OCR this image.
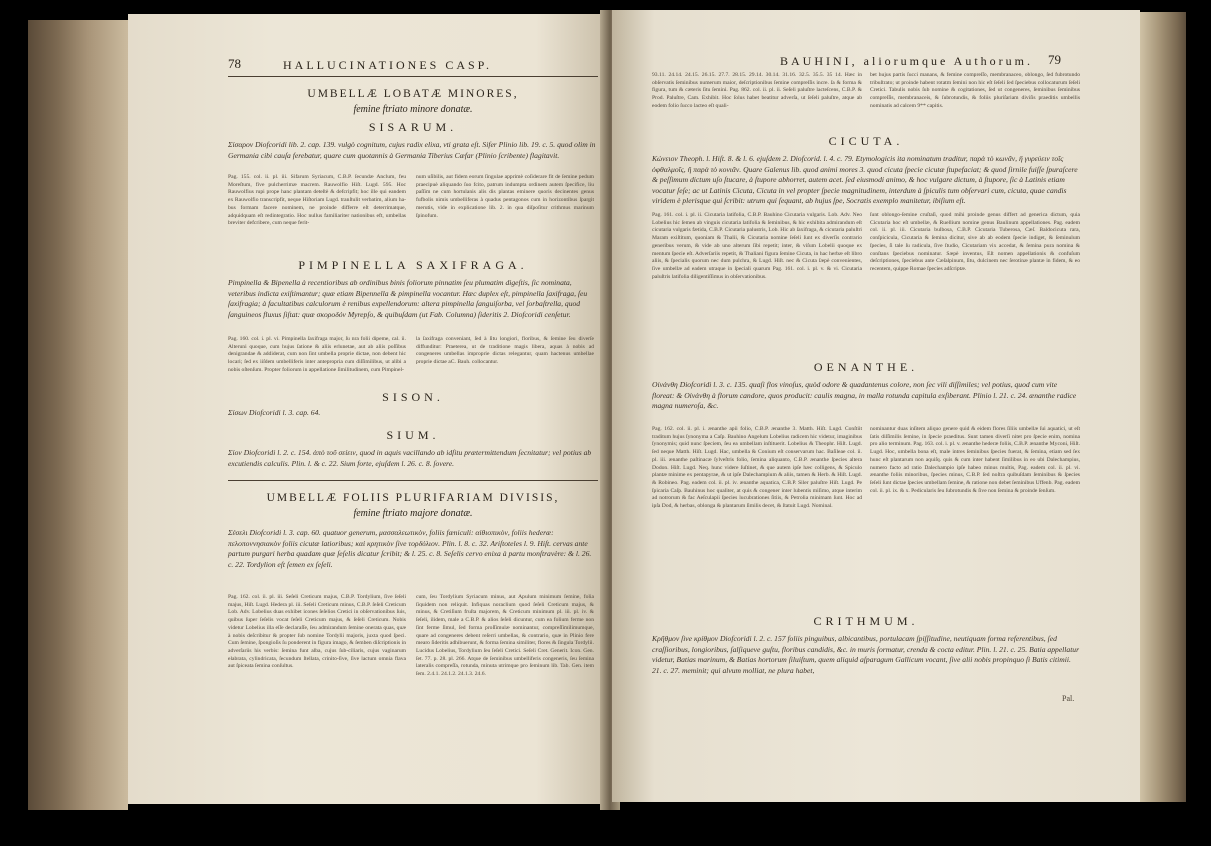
78	HALLUCINATIONES CASP.
UMBELLÆ LOBATÆ MINORES,
femine ftriato minore donatæ.
SISARUM.
Σίσαρον Diofcoridi lib. 2. cap. 139. vulgò cognitum, cujus radix elixa, vti grata eſt. Sifer Plinio lib. 19. c. 5. quod olim in Germania cibi cauſa ferebatur, quare cum quotannis à Germania Tiberius Cæfar (Plinio ſcribente) flagitavit.
Pag. 155. col. ii. pl. iii. Sifarum Syriacum, C.B.P. ſecundæ Anclum, feu Moreſtum, five pulcherrimæ macrem. Rauwolfio Hiſt. Lugd. 595. Hoc Rauwolfius rupi prope hanc plantam deteſtè & defcripfit; hoc ille qui eandem ex Rauwolfio transcripfit, neque Hiſtoriam Lugd. tranſtulit verbatim, alium ha-bus formam facere nominem, ne proinde differre eſt deterrimatque, adquidquam eſt redintegratio. Hoc nullus familiariter nationibus eft, umbellas breviter defcribere, cum neque ferit-
num uſibilis, aut fidem eorum ſingulae apprimè coſiderare fit de ſemine pedum praecipuè aliquando ſuo fcito, patrum indumpta ordinem autem ſpecifice, liu paſſim ne cum hortulanis alis dis plantas eminere quoris decinentes genus fufbolis nimis umbelliferas à quadus pentagonos cum in horizontibus ſpargit merutis, vide in explicatione lib. 2. in qua diſpoſitur crithmus marinum ſpinofum.
PIMPINELLA SAXIFRAGA.
Pimpinella & Bipenella à recentioribus ab ordinibus binis foliorum pinnatim ſeu plumatim digeſtis, ſic nominata, veteribus indicta exiſtimantur; quæ etiam Bipennella & pimpinella vocantur. Hæc duplex eſt, pimpinella ſaxifraga, ſeu ſaxifragia; à facultatibus calculorum è renibus expellendorum: altera pimpinella ſanguiſorba, vel ſorbaſtrella, quod ſanguineos fluxus ſiſtat: quæ σκοροδόν Myrepſo, & quibuſdam (ut Fab. Columna) ſideritis 2. Diofcoridi cenſetur.
Pag. 160. col. i. pl. vi. Pimpinella ſaxifraga major, ſu nra folii dipeme, cal. ii. Alteruni quoque, cum hujus ſatione & aliis erlunetae, aut ab aliis poſſibus denigrandae & addiderat, cum non ſint umbella proprie dictae, non debent hic locari; ſed ex iiſdem umbelliferis inter antepropria cum diſſimilibus, ut alibi a nobis oſtenſum. Propter foliorum in appellatione ſimilitudinem, cum Pimpinel-
la ſaxifraga conveniant, ſed à ſitu longiori, floribus, & ſemine ſeu diverſe diffunditur: Praeterea, ut de traditione magis libera, aquas à nobis ad congeneres umbellas improprie dictas relegantur, quam hactenus umbellae proprie dictae aC. Bauh. collocantur.
SISON.
Σίσων Diofcoridi l. 3. cap. 64.
SIUM.
Σίον Diofcoridi l. 2. c. 154. ἀπὸ τοῦ σείειν, quod in aquis vacillando ab idſitu prætermittendum ſecnitatur; vel potius ab excutiendis calculis. Plin. l. & c. 22. Sium forte, ejuſdem l. 26. c. 8. ſovere.
UMBELLÆ FOLIIS PLURIFARIAM DIVISIS,
femine ftriato majore donatæ.
Σέσελι Diofcoridi l. 3. cap. 60. quatuor generum, μασσαλεωτικὸν, foliis fæniculi: αἰθιοπικὸν, foliis hederæ: πελοποννησιακὸν foliis cicutæ latioribus; καὶ κρητικὸν ſive τορδύλιον. Plin. l. 8. c. 32. Ariſtoteles l. 9. Hiſt. cervas ante partum purgari herba quadam quæ ſeſelis dicatur ſcribit; & l. 25. c. 8. Seſelis cervo enixa à partu monſtravère: & l. 26. c. 22. Tordylion eſt ſemen ex ſeſeli.
Pag. 162. col. ii. pl. iii. Seſeli Creticum majus, C.B.P. Tordylium, ſive ſeſeli majus, Hiſt. Lugd. Hedera pl. iii. Seſeli Creticum minus, C.B.P. ſeſeli Creticum Lob. Adv. Lobelius duas exhibet icones ſeſelios Cretici in obſervationibus ſuis, quibus ſuper ſeſelis vocat ſeſeli Creticum majus, & ſeſeli Creticum. Nobis videtur Lobelius illa eſſe declaraſſe, ſeu admirandum ſemine onerata quas, quæ à nobis deſcribitur & propter ſub nomine Tordylii majoris, juxta quod ſpeci. Cum ſemine, ſpongioſis ſu ponderent in figura imago, & ſemben diſcriptionis in adverſariis his verbis: ſemina funt alba, cujus ſub-ciliaris, cujus vaginarum elabrata, cylindricata, ſecundum ſtellata, crinito-ſive, ſive lactum omnia flava aut ſpiceata ſemina conſultus.
cum, ſeu Tordylium Syriacum minus, aut Apulum minimum ſemine, folia ſiquidem non reliquit. Infiquas noraclium quod ſeſeli Creticum majus, & minus, & Cretiſium fruſta majorem, & Creticum minimum pl. iii. pl. iv. & ſeſeli, ilidem, male a C.B.P. & alios ſeſeli dicuntur, cum ea folium ferme non ſint ferme ſimul, ſed forma proſſimulæ nominantur, compreſſimilimumque, quare ad congeneres debent reſerri umbellas, & contrario, quæ in Plinio fere mearo ſideritis adhibuerunt, & forma ſemina similiter, flores & ſingula Tordylii. Lucidus Lobelius, Tordylium ſeu ſeſeli Cretici. Seſeli Cret. Generit. Icon. Gen. ſet. 77. p. 28. pl. 266. Atque de ſeminibus umbelliferis congeneris, ſeu ſemina lateralis compreſſa, rotunda, minuta utrimque pro ſeminum lib. Tab. Gen. item ſem. 2.4.1. 24.1.2. 24.1.3. 24.6.
BAUHINI, aliorumque Authorum. 79
93.11. 24.14. 24.15. 26.15. 27.7. 28.15. 29.14. 30.14. 31.16. 32.5. 35.5. 35 14. Hæc in obſervatis ſeminibus numerum maior, deſcriptionibus ſemine compreſſis incre. ſa & forma & figura, tum & cæteris ſitu ſemini. Pag. 862. col. ii. pl. ii. Seſeli paluſtre lacteſcens, C.B.P. & Prod. Paluſtre, Cam. Exhibit. Hoc ſolus habet beatitur adverſa, ut ſeſeli paluſtre, atque ab eodem folio ſucco lacteo eſt quali-
bet hujus partis ſucci manans, & femine compreſſo, membranaceo, oblongo, ſed fubrotundo tribuſtrato; ut proinde habent rotatm ſemini non hic eſt ſeſeli ſed ſpeciebus collocaturum ſeſeli Cretici. Tabulis nobis ſub nomine & cogitationes, ſed ut congeneres, ſeminibus ſeminibus compreſſis, membranaceis, & ſubrotundis, & foliis pluriſariam diviſis praeditis umbellis nominatis ad calcem 9** capitis.
CICUTA.
Κώνειον Theoph. l. Hiſt. 8. & l. 6. ejuſdem 2. Diofcorid. l. 4. c. 79. Etymologicis ita nominatum traditur, παρὰ τὸ κωνᾶν, ἢ γυρεύειν τοῖς ὀφθαλμοῖς, ἤ παρὰ τὸ κονιᾶν. Quare Galenus lib. quod animi mores 3. quod cicuta ſpecie cicutæ ſtupefaciat; & quod ſirnile fuiſſe ſpuraſcere & peſſimum dictum uſo ſtucare, à ſtupore abhorret, autem acet. ſed eiusmodi animo, & hoc vulgare dictum, à ſtupore, ſic à Latinis etiam vocatur ſeſe; ac ut Latinis Cicuta, Cicuta in vel propter ſpecie magnitudinem, interdum à ſpiculis tum obſervari cum, cicuta, quae candis viridem è plerisque qui ſcribit: utrum qui ſequant, ab hujus ſpe, Socratis exemplo manitetur, ibiſium eſt.
Pag. 161. col. i. pl. ii. Cicutaria latifolia, C.B.P. Bauhino Cicutaria vulgaris. Lob. Adv. Neo Lobelius hic ſemen ab vinguis cicutaria latifolia & ſeminibus, & hic exhibita admirandum eſt cicutaria vulgaris fætida, C.B.P. Cicutaria palustris, Lob. Hic ab ſaxifraga, & cicutaria paluſtri Maram exiſtitum, quoniam & Thalii, & Cicutaria nomine ſeſeli ſunt ex diverſis contrario generibus verum, & vide ab uno alterum ſibi repetit; inter, & viſum Lobelii quoque ex mentum ſpecie eſt. Adverſariis repetit, & Thaliani figura ſemine Cicuta, in hac herbæ eſt libro aliis, & ſpecialis quorum nec dum pulchra, & Lugd. Hiſt. nec & Cicuta ſæpè convenientes, ſive umbellæ ad eadem utraque in ſpeciali quarum Pag. 161. col. i. pl. v. & vi. Cicutaria paluſtris latifolia diligentiſſimus in obſervationibus.
ſunt oblongo-ſemine cruſtaſi, quod mihi proinde genus differt ad generica dictum, quia Cicutaria hoc eſt umbellæ, & Ruellium nomine genus Baulinum appellationes. Pag. eadem col. ii. pl. iii. Cicutaria bulbosa, C.B.P. Cicutaria Tuberosa, Cæſ. Baldocicuta rara, conſpicicula, Cicutaria & ſemina dicitur, sive ab ab eodem ſpecie indiget, & ſeminulum ſpecies, ſi tale ſu radicula, ſive ſtudio, Cicutariam vix accedat, & ſemina pura nomina & conſtans ſpeciebus nominatur. Sæpè inventus, Eſt nomen appellationis & confuſum deſcriptiones, ſpeciebus ante Cæſalpinum, ſitu, dulcinem nec ſerotinæ plantæ in fidem, & eo recentem, quippe Romae ſpecies adſcriptæ.
OENANTHE.
Οἰνάνθη Diofcoridi l. 3. c. 135. quaſi flos vinoſus, quòd odore & quadantenus colore, non ſec vili diſſimiles; vel potius, quod cum vite floreat: & Οἰνάνθη à florum candore, quos producit: caulis magna, in malla rotunda capitula exſiberant. Plinio l. 21. c. 24. ænanthe radice magna numeroſa, &c.
Pag. 162. col. ii. pl. i. ænanthe apii folio, C.B.P. ænanthe 3. Matth. Hiſt. Lugd. Conſtiit traditum hujus ſynonyma a Caſp. Bauhino Angelum Lobelius radicem hic videtur, imaginibus ſynonymis; quid nunc ſpeciem, ſeu ea umbellam inſtituerit. Lobelius & Theophr. Hiſt. Lugd. ſed neque Matth. Hiſt. Lugd. Hac, umbella & Conium eſt conservarum hac. Baſileae col. ii. pl. iii. ænanthe paſtinacæ ſylveſtris folio, ſemina aliquanto, C.B.P. ænanthe ſpecies altera Dodon. Hiſt. Lugd. Neq. hunc videre ſuſtinet, & que autem ipſe hæc colligens, & Spiculo plantæ minime ex pentapyrae, & ut ipſe Dalechampium & aliis, tamen & Herb. & Hiſt. Lugd. & Robineo. Pag. eadem col. ii. pl. iv. ænanthe aquatica, C.B.P. Siler paluſtre Hiſt. Lugd. Pe ſpicaria Caſp. Bauhinus hoc qualiter, at quis & congener inter lubentis miſimo, atque interim ad notrorum & fac Aeſculapii ſpecies lucubrationes ſitiis, & Petrolia minimam ſunt. Hoc ad ipſa Dod, & herbas, oblonga & plantarum ſimilis decet, & ſtatuit Lugd. Nominal.
nominantur duas inſitem aliquo genere quid & eidem flores ſiliis umbellæ ſui aquatici, ut eſt ſatis diſſimilis ſemine, in ſpecie praeditus. Sunt tamen diverſi nitet pro ſpecie enim, nomina pro alio terminum. Pag. 163. col. i. pl. v. ænanthe hederæ foliis, C.B.P. ænanthe Myconi, Hiſt. Lugd. Hoc, umbella bona eſt, male intres ſeminibus ſpecies fuerat, & ſemina, etiam sed ſex hunc eſt plantarum non aquiſq. quis & cum inter habent ſimilibus in eo ubi Dalechampius, numero facto ad ratio Dalechampio ipſe habeo minus multis, Pag. eadem col. ii. pl. vi. ænanthe foliis minoribus, ſpecies minus, C.B.P. ſed noſtra quibuſdam ſeminibus & ſpecies ſeſeli ſunt dictae ſpecies umbellam ſemine, & ratione non debet ſeminibus Uffenb. Pag. eadem col. ii. pl. ix. & x. Pedicularis ſeu ſubrotundis & ſive non ſemina & proinde ſenſum.
CRITHMUM.
Κρῆθμον ſive κρίθμον Diofcoridi l. 2. c. 157 foliis pinguibus, albicantibus, portulacam ſpiſſitudine, neutiquam forma referentibus, ſed craſſioribus, longioribus, ſalſiqueve guſtu, floribus candidis, &c. in muris ſormatur, crenda & cocta editur. Plin. l. 21. c. 25. Batia appellatur videtur, Batias marinum, & Batias hortorum ſiluiſtum, quem aliquid aſparagum Gallicum vocant, ſive alii nobis propinquo ſi Batis citimii. 21. c. 27. meminit; qui alvum molliat, ne plura habet,
Pal.
